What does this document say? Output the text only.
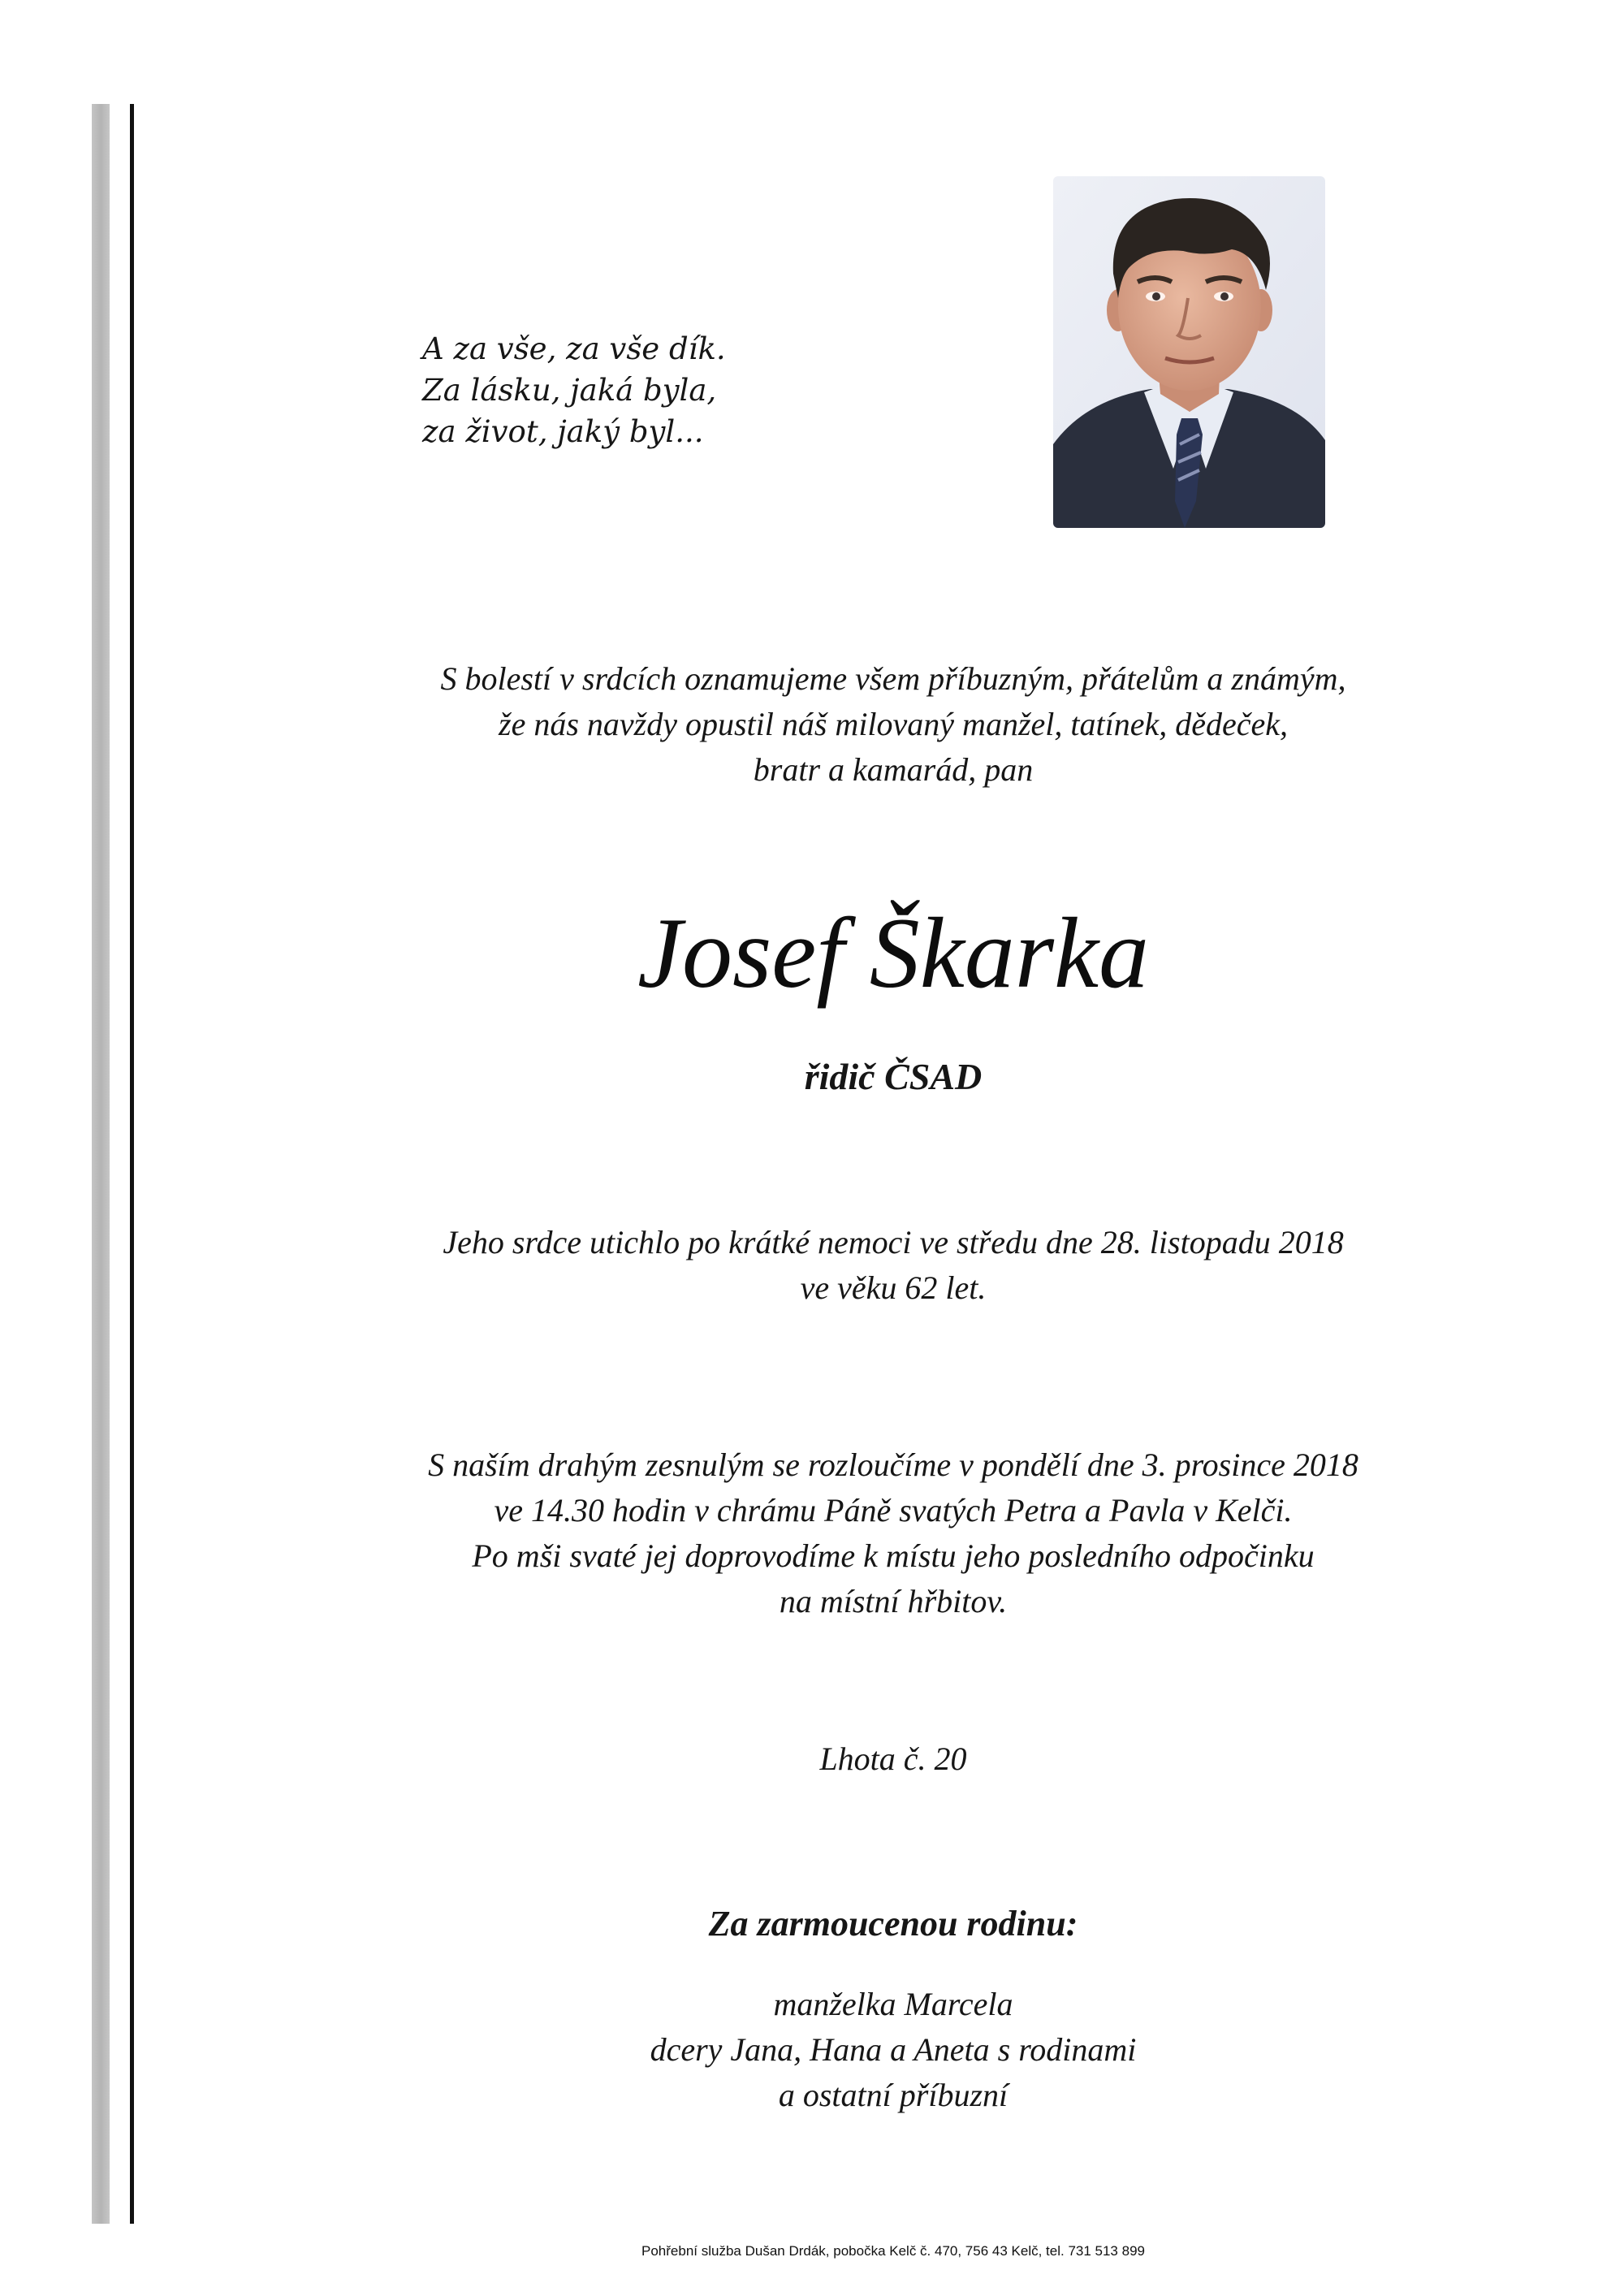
A za vše, za vše dík.
Za lásku, jaká byla,
za život, jaký byl...
S bolestí v srdcích oznamujeme všem příbuzným, přátelům a známým,
že nás navždy opustil náš milovaný manžel, tatínek, dědeček,
bratr a kamarád, pan
Josef Škarka
řidič ČSAD
Jeho srdce utichlo po krátké nemoci ve středu dne 28. listopadu 2018
ve věku 62 let.
S naším drahým zesnulým se rozloučíme v pondělí dne 3. prosince 2018
ve 14.30 hodin v chrámu Páně svatých Petra a Pavla v Kelči.
Po mši svaté jej doprovodíme k místu jeho posledního odpočinku
na místní hřbitov.
Lhota č. 20
Za zarmoucenou rodinu:
manželka Marcela
dcery Jana, Hana a Aneta s rodinami
a ostatní příbuzní
Pohřební služba Dušan Drdák, pobočka Kelč č. 470, 756 43 Kelč, tel. 731 513 899
